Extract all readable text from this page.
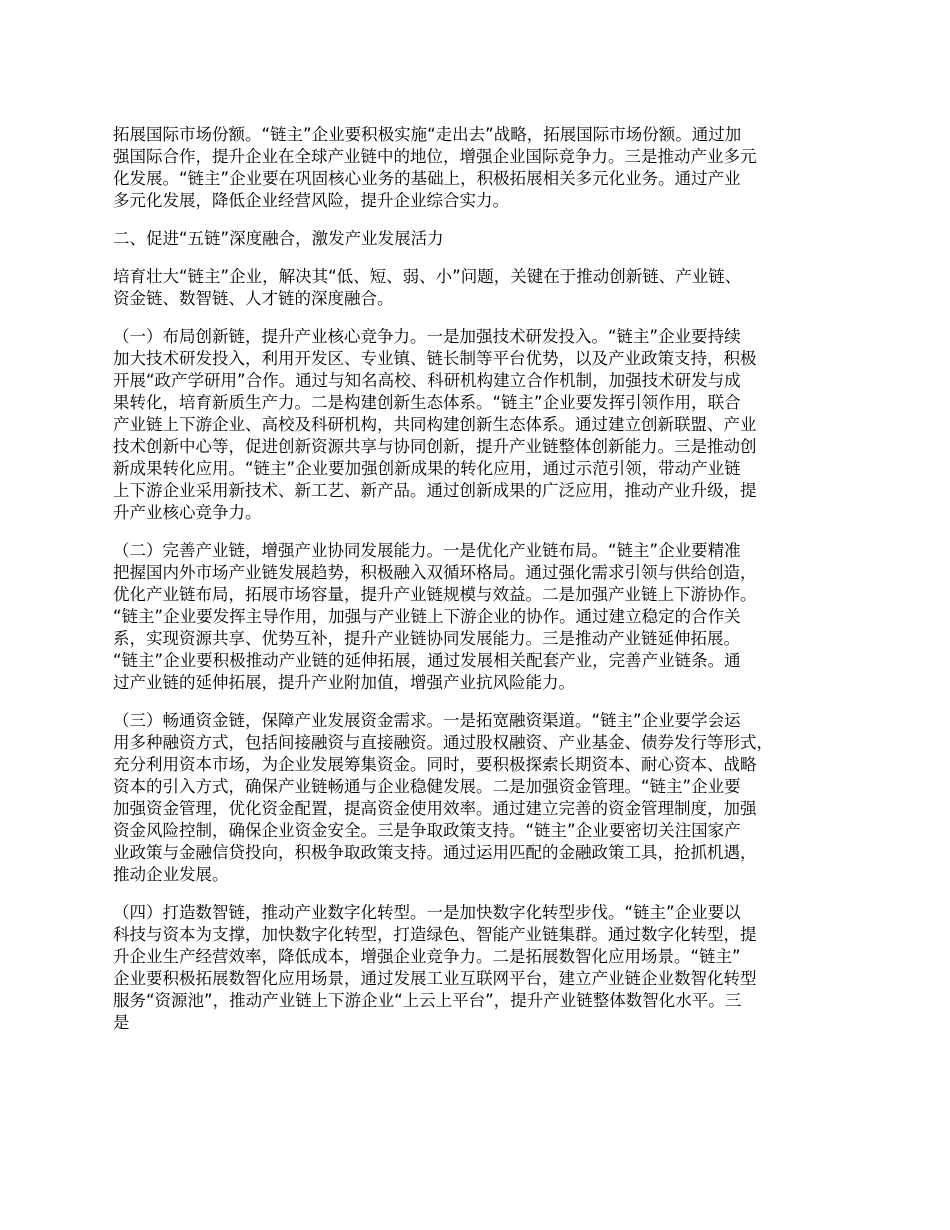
拓展国际市场份额。“链主”企业要积极实施“走出去”战略，拓展国际市场份额。通过加
强国际合作，提升企业在全球产业链中的地位，增强企业国际竞争力。三是推动产业多元
化发展。“链主”企业要在巩固核心业务的基础上，积极拓展相关多元化业务。通过产业
多元化发展，降低企业经营风险，提升企业综合实力。

二、促进“五链”深度融合，激发产业发展活力

培育壮大“链主”企业，解决其“低、短、弱、小”问题，关键在于推动创新链、产业链、
资金链、数智链、人才链的深度融合。

（一）布局创新链，提升产业核心竞争力。一是加强技术研发投入。“链主”企业要持续
加大技术研发投入，利用开发区、专业镇、链长制等平台优势，以及产业政策支持，积极
开展“政产学研用”合作。通过与知名高校、科研机构建立合作机制，加强技术研发与成
果转化，培育新质生产力。二是构建创新生态体系。“链主”企业要发挥引领作用，联合
产业链上下游企业、高校及科研机构，共同构建创新生态体系。通过建立创新联盟、产业
技术创新中心等，促进创新资源共享与协同创新，提升产业链整体创新能力。三是推动创
新成果转化应用。“链主”企业要加强创新成果的转化应用，通过示范引领，带动产业链
上下游企业采用新技术、新工艺、新产品。通过创新成果的广泛应用，推动产业升级，提
升产业核心竞争力。

（二）完善产业链，增强产业协同发展能力。一是优化产业链布局。“链主”企业要精准
把握国内外市场产业链发展趋势，积极融入双循环格局。通过强化需求引领与供给创造，
优化产业链布局，拓展市场容量，提升产业链规模与效益。二是加强产业链上下游协作。
“链主”企业要发挥主导作用，加强与产业链上下游企业的协作。通过建立稳定的合作关
系，实现资源共享、优势互补，提升产业链协同发展能力。三是推动产业链延伸拓展。
“链主”企业要积极推动产业链的延伸拓展，通过发展相关配套产业，完善产业链条。通
过产业链的延伸拓展，提升产业附加值，增强产业抗风险能力。

（三）畅通资金链，保障产业发展资金需求。一是拓宽融资渠道。“链主”企业要学会运
用多种融资方式，包括间接融资与直接融资。通过股权融资、产业基金、债券发行等形式，
充分利用资本市场，为企业发展筹集资金。同时，要积极探索长期资本、耐心资本、战略
资本的引入方式，确保产业链畅通与企业稳健发展。二是加强资金管理。“链主”企业要
加强资金管理，优化资金配置，提高资金使用效率。通过建立完善的资金管理制度，加强
资金风险控制，确保企业资金安全。三是争取政策支持。“链主”企业要密切关注国家产
业政策与金融信贷投向，积极争取政策支持。通过运用匹配的金融政策工具，抢抓机遇，
推动企业发展。

（四）打造数智链，推动产业数字化转型。一是加快数字化转型步伐。“链主”企业要以
科技与资本为支撑，加快数字化转型，打造绿色、智能产业链集群。通过数字化转型，提
升企业生产经营效率，降低成本，增强企业竞争力。二是拓展数智化应用场景。“链主”
企业要积极拓展数智化应用场景，通过发展工业互联网平台，建立产业链企业数智化转型
服务“资源池”，推动产业链上下游企业“上云上平台”，提升产业链整体数智化水平。三
是
